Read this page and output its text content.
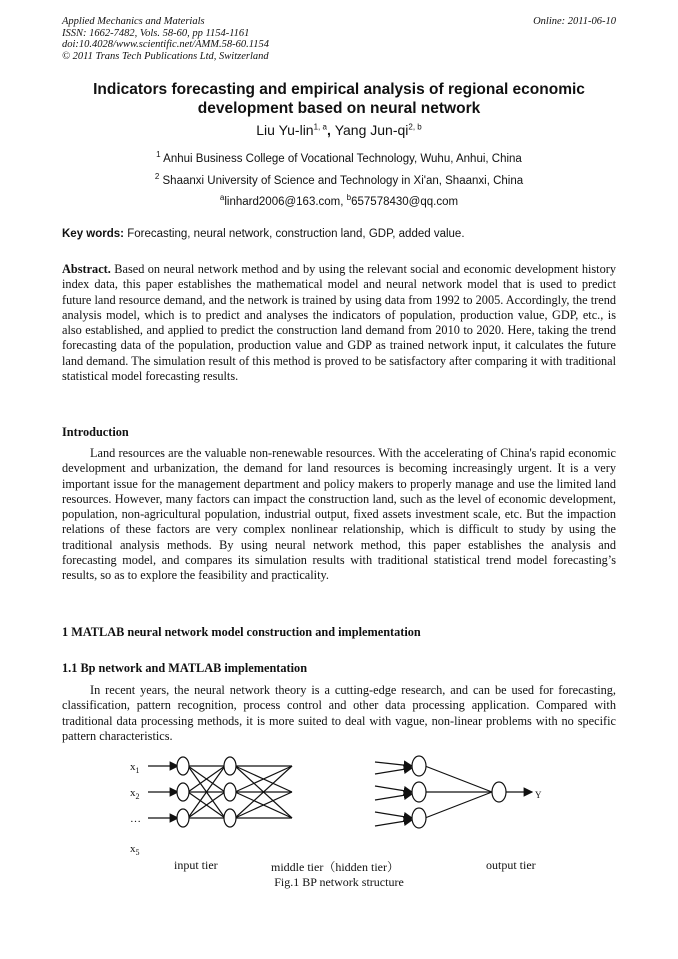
Applied Mechanics and Materials
ISSN: 1662-7482, Vols. 58-60, pp 1154-1161
doi:10.4028/www.scientific.net/AMM.58-60.1154
© 2011 Trans Tech Publications Ltd, Switzerland
Online: 2011-06-10
Indicators forecasting and empirical analysis of regional economic
development based on neural network
Liu Yu-lin$^{1, a}$, Yang Jun-qi$^{2, b}$
$^1$ Anhui Business College of Vocational Technology, Wuhu, Anhui, China
$^2$ Shaanxi University of Science and Technology in Xi'an, Shaanxi, China
$^a$linhard2006@163.com, $^b$657578430@qq.com
Key words: Forecasting, neural network, construction land, GDP, added value.
Abstract. Based on neural network method and by using the relevant social and economic development history index data, this paper establishes the mathematical model and neural network model that is used to predict future land resource demand, and the network is trained by using data from 1992 to 2005. Accordingly, the trend analysis model, which is to predict and analyses the indicators of population, production value, GDP, etc., is also established, and applied to predict the construction land demand from 2010 to 2020. Here, taking the trend forecasting data of the population, production value and GDP as trained network input, it calculates the future land demand. The simulation result of this method is proved to be satisfactory after comparing it with traditional statistical model forecasting results.
Introduction
Land resources are the valuable non-renewable resources. With the accelerating of China's rapid economic development and urbanization, the demand for land resources is becoming increasingly urgent. It is a very important issue for the management department and policy makers to properly manage and use the limited land resources. However, many factors can impact the construction land, such as the level of economic development, population, non-agricultural population, industrial output, fixed assets investment scale, etc. But the impaction relations of these factors are very complex nonlinear relationship, which is difficult to study by using the traditional analysis methods. By using neural network method, this paper establishes the analysis and forecasting model, and compares its simulation results with traditional statistical trend model forecasting’s results, so as to explore the feasibility and practicality.
1 MATLAB neural network model construction and implementation
1.1 Bp network and MATLAB implementation
In recent years, the neural network theory is a cutting-edge research, and can be used for forecasting, classification, pattern recognition, process control and other data processing application. Compared with traditional data processing methods, it is more suited to deal with vague, non-linear problems with no specific pattern characteristics.
$x_1$
$x_2$
…
$x_5$
Y
input tier	middle tier（hidden tier）	output tier
Fig.1 BP network structure
